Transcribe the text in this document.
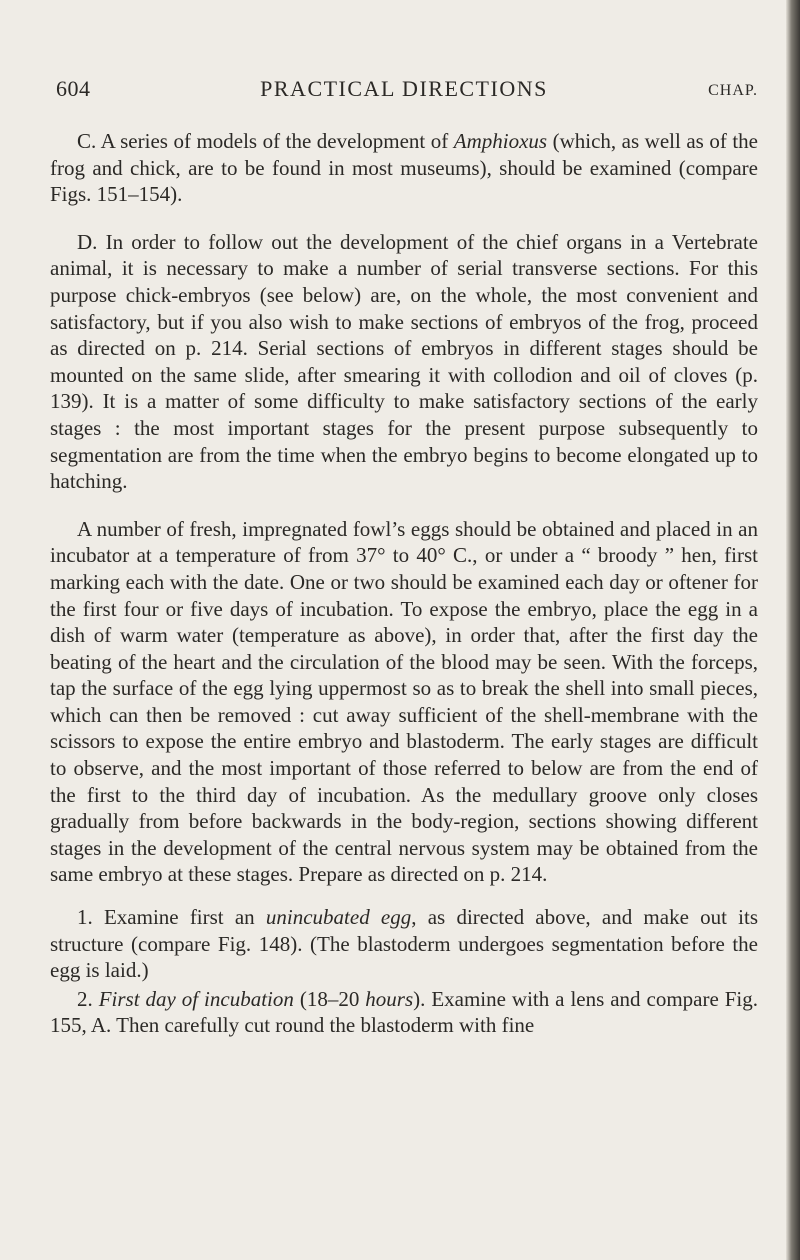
604	PRACTICAL DIRECTIONS	CHAP.

C. A series of models of the development of Amphioxus (which, as well as of the frog and chick, are to be found in most museums), should be examined (compare Figs. 151–154).

D. In order to follow out the development of the chief organs in a Vertebrate animal, it is necessary to make a number of serial transverse sections. For this purpose chick-embryos (see below) are, on the whole, the most convenient and satisfactory, but if you also wish to make sections of embryos of the frog, proceed as directed on p. 214. Serial sections of embryos in different stages should be mounted on the same slide, after smearing it with collodion and oil of cloves (p. 139). It is a matter of some difficulty to make satisfactory sections of the early stages : the most important stages for the present purpose subsequently to segmentation are from the time when the embryo begins to become elongated up to hatching.

A number of fresh, impregnated fowl’s eggs should be obtained and placed in an incubator at a temperature of from 37° to 40° C., or under a “ broody ” hen, first marking each with the date. One or two should be examined each day or oftener for the first four or five days of incubation. To expose the embryo, place the egg in a dish of warm water (temperature as above), in order that, after the first day the beating of the heart and the circulation of the blood may be seen. With the forceps, tap the surface of the egg lying uppermost so as to break the shell into small pieces, which can then be removed : cut away sufficient of the shell-membrane with the scissors to expose the entire embryo and blastoderm. The early stages are difficult to observe, and the most important of those referred to below are from the end of the first to the third day of incubation. As the medullary groove only closes gradually from before backwards in the body-region, sections showing different stages in the development of the central nervous system may be obtained from the same embryo at these stages. Prepare as directed on p. 214.

1. Examine first an unincubated egg, as directed above, and make out its structure (compare Fig. 148). (The blastoderm undergoes segmentation before the egg is laid.)

2. First day of incubation (18–20 hours). Examine with a lens and compare Fig. 155, A. Then carefully cut round the blastoderm with fine
